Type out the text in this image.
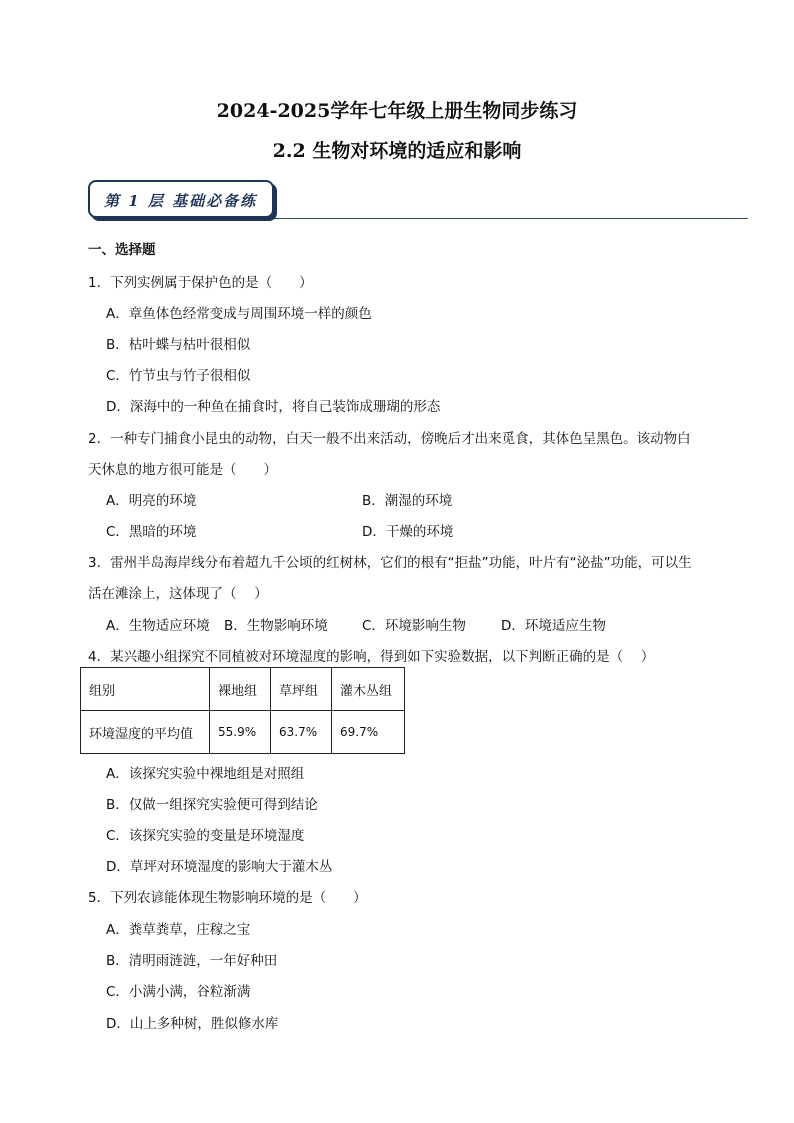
2024-2025学年七年级上册生物同步练习
2.2 生物对环境的适应和影响
第 1 层 基础必备练
一、选择题
1．下列实例属于保护色的是（　　）
A．章鱼体色经常变成与周围环境一样的颜色
B．枯叶蝶与枯叶很相似
C．竹节虫与竹子很相似
D．深海中的一种鱼在捕食时，将自己装饰成珊瑚的形态
2．一种专门捕食小昆虫的动物，白天一般不出来活动，傍晚后才出来觅食，其体色呈黑色。该动物白
天休息的地方很可能是（　　）
A．明亮的环境	B．潮湿的环境
C．黑暗的环境	D．干燥的环境
3．雷州半岛海岸线分布着超九千公顷的红树林，它们的根有“拒盐”功能，叶片有“泌盐”功能，可以生
活在滩涂上，这体现了（　 ）
A．生物适应环境 B．生物影响环境	C．环境影响生物	D．环境适应生物
4．某兴趣小组探究不同植被对环境湿度的影响，得到如下实验数据，以下判断正确的是（　 ）
组别	裸地组	草坪组	灌木丛组
环境湿度的平均值	55.9%	63.7%	69.7%
A．该探究实验中裸地组是对照组
B．仅做一组探究实验便可得到结论
C．该探究实验的变量是环境湿度
D．草坪对环境湿度的影响大于灌木丛
5．下列农谚能体现生物影响环境的是（　　）
A．粪草粪草，庄稼之宝
B．清明雨涟涟，一年好种田
C．小满小满，谷粒渐满
D．山上多种树，胜似修水库
